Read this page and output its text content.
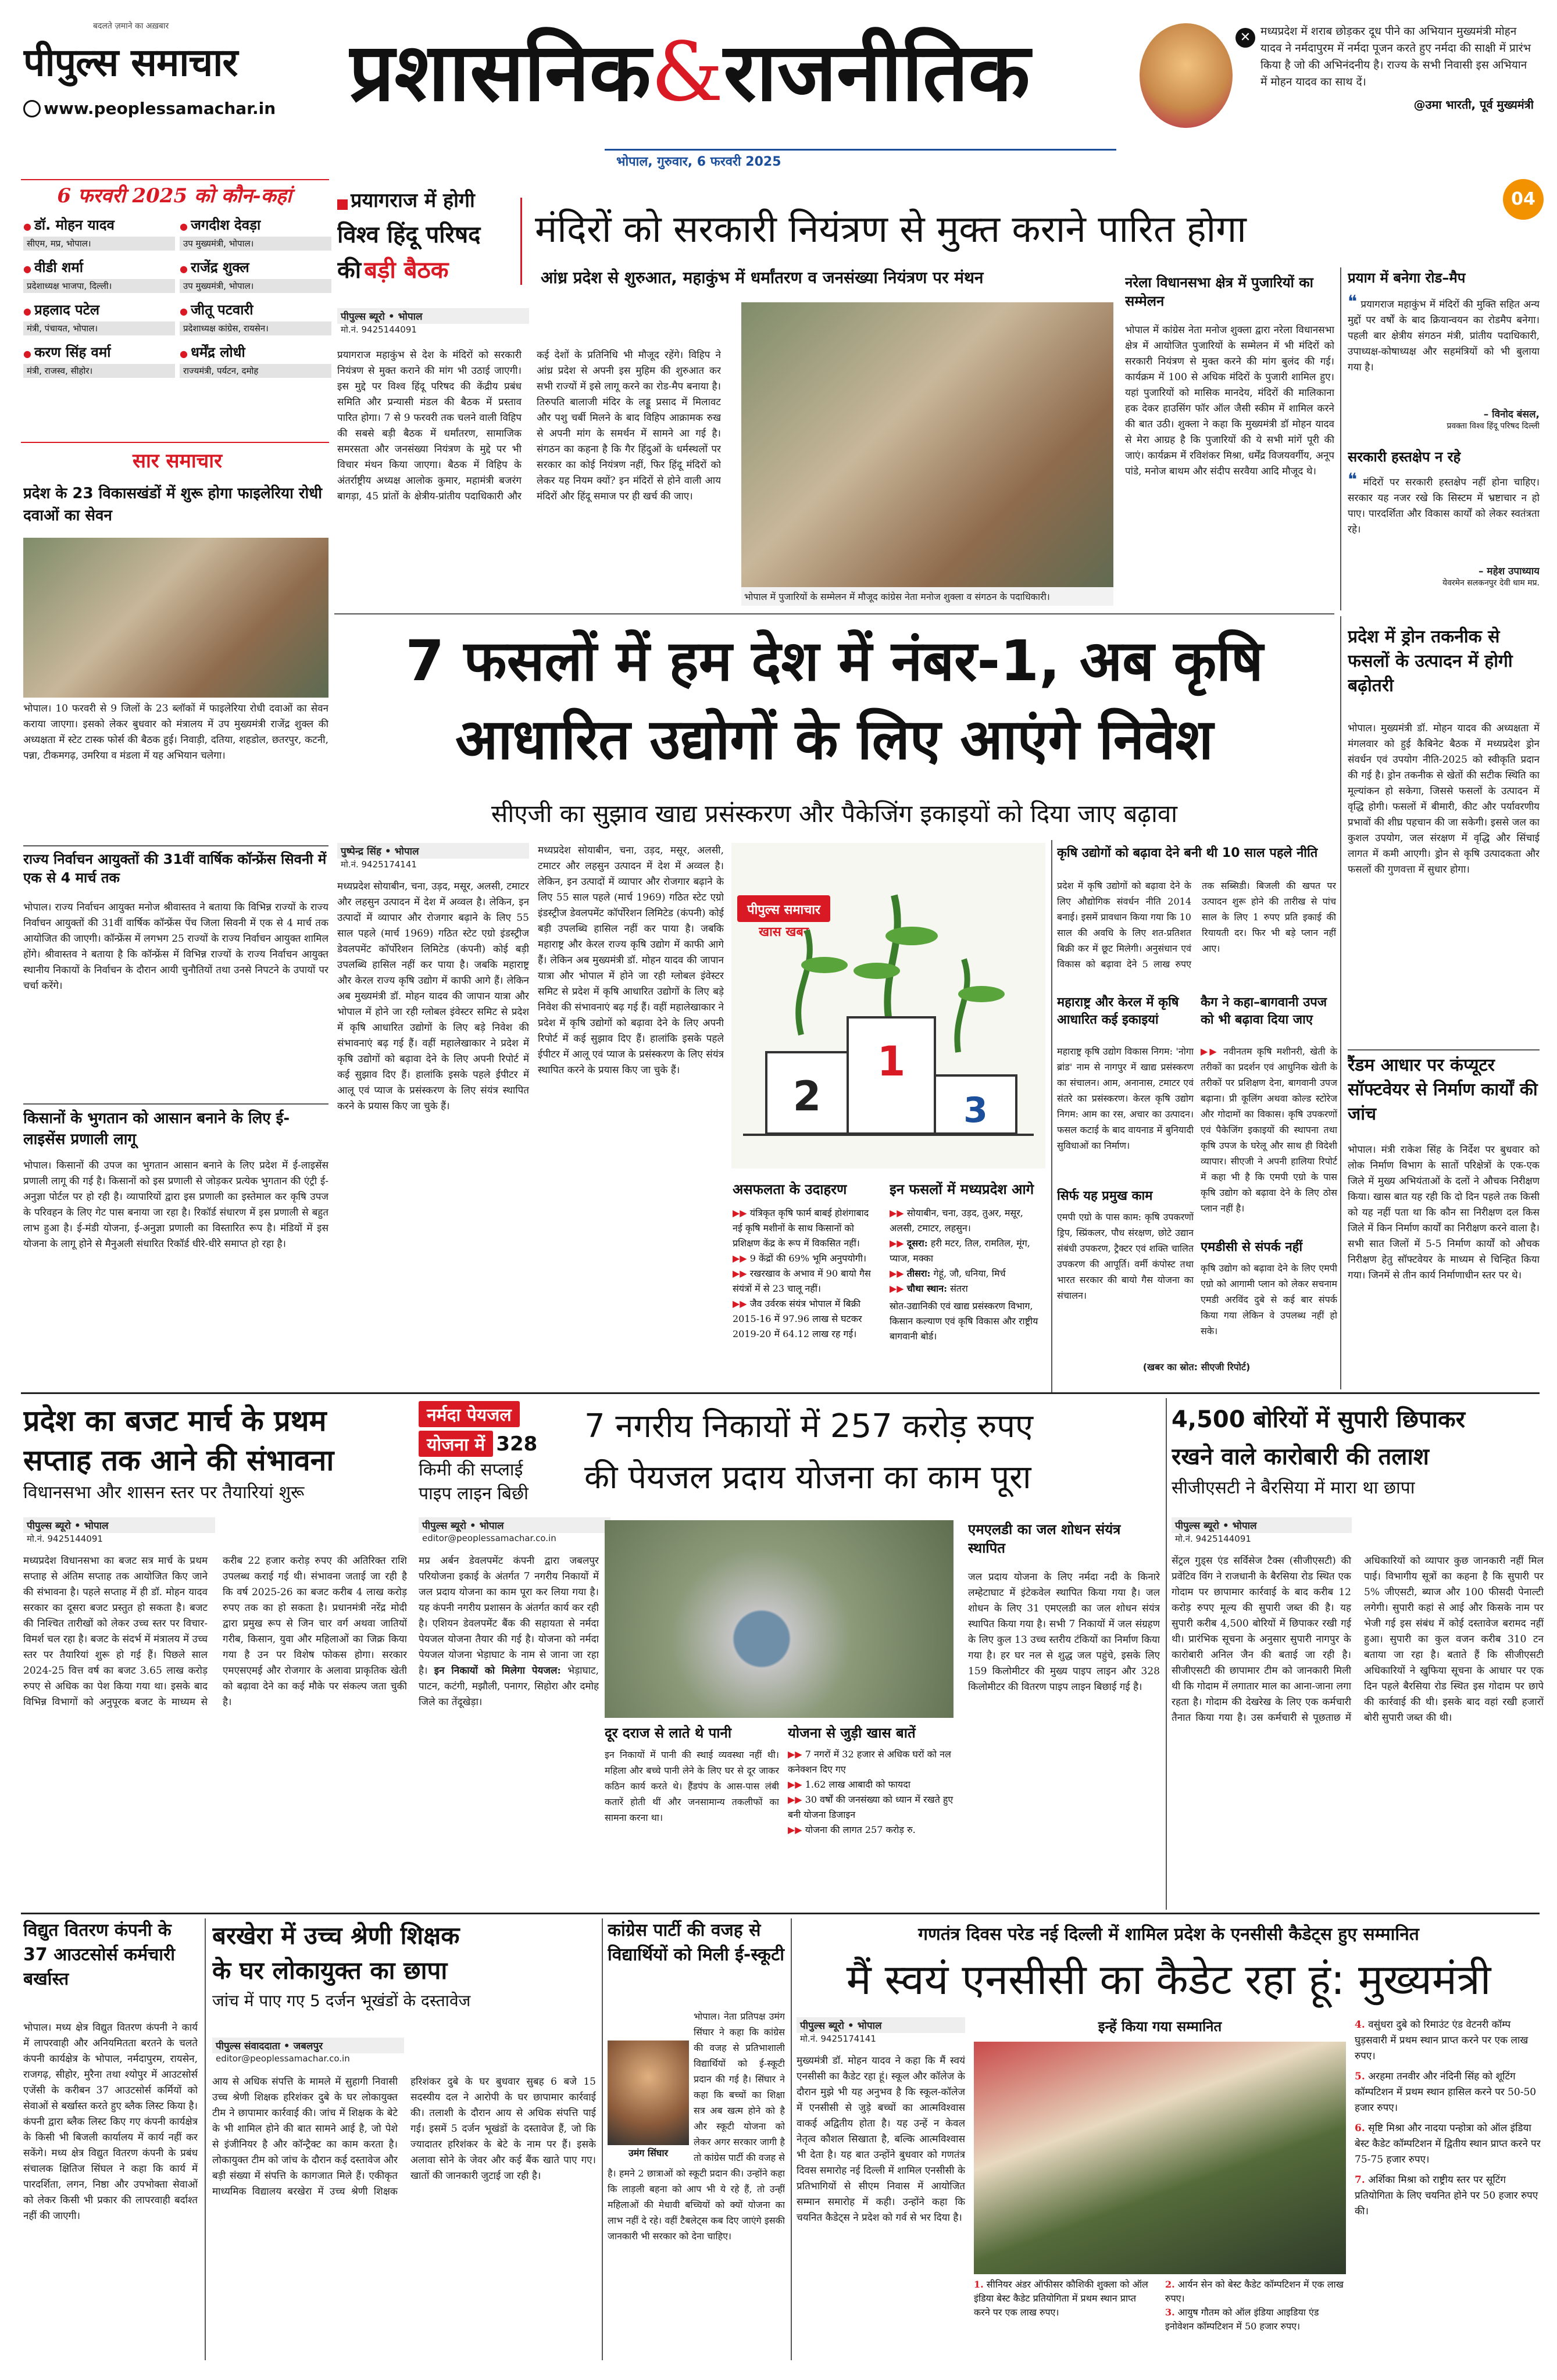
बदलते ज़माने का अख़बार
पीपुल्स समाचार
www.peoplessamachar.in प्रशासनिक&राजनीतिक
भोपाल, गुरुवार, 6 फरवरी 2025
✕ मध्यप्रदेश में शराब छोड़कर दूध पीने का अभियान मुख्यमंत्री मोहन यादव ने नर्मदापुरम में नर्मदा पूजन करते हुए नर्मदा की साक्षी में प्रारंभ किया है जो की अभिनंदनीय है। राज्य के सभी निवासी इस अभियान में मोहन यादव का साथ दें।
@उमा भारती, पूर्व मुख्यमंत्री
04
6 फरवरी 2025 को कौन-कहां
● डॉ. मोहन यादव
सीएम, मप्र, भोपाल।
● जगदीश देवड़ा
उप मुख्यमंत्री, भोपाल।
● वीडी शर्मा
प्रदेशाध्यक्ष भाजपा, दिल्ली।
● राजेंद्र शुक्ल
उप मुख्यमंत्री, भोपाल।
● प्रहलाद पटेल
मंत्री, पंचायत, भोपाल।
● जीतू पटवारी
प्रदेशाध्यक्ष कांग्रेस, रायसेन।
● करण सिंह वर्मा
मंत्री, राजस्व, सीहोर।
● धर्मेंद्र लोधी
राज्यमंत्री, पर्यटन, दमोह
सार समाचार
प्रदेश के 23 विकासखंडों में शुरू होगा फाइलेरिया रोधी दवाओं का सेवन
भोपाल। 10 फरवरी से 9 जिलों के 23 ब्लॉकों में फाइलेरिया रोधी दवाओं का सेवन कराया जाएगा। इसको लेकर बुधवार को मंत्रालय में उप मुख्यमंत्री राजेंद्र शुक्ल की अध्यक्षता में स्टेट टास्क फोर्स की बैठक हुई। निवाड़ी, दतिया, शहडोल, छतरपुर, कटनी, पन्ना, टीकमगढ़, उमरिया व मंडला में यह अभियान चलेगा।
राज्य निर्वाचन आयुक्तों की 31वीं वार्षिक कॉन्फ्रेंस सिवनी में एक से 4 मार्च तक
भोपाल। राज्य निर्वाचन आयुक्त मनोज श्रीवास्तव ने बताया कि विभिन्न राज्यों के राज्य निर्वाचन आयुक्तों की 31वीं वार्षिक कॉन्फ्रेंस पेंच जिला सिवनी में एक से 4 मार्च तक आयोजित की जाएगी। कॉन्फ्रेंस में लगभग 25 राज्यों के राज्य निर्वाचन आयुक्त शामिल होंगे। श्रीवास्तव ने बताया है कि कॉन्फ्रेंस में विभिन्न राज्यों के राज्य निर्वाचन आयुक्त स्थानीय निकायों के निर्वाचन के दौरान आयी चुनौतियों तथा उनसे निपटने के उपायों पर चर्चा करेंगे।
किसानों के भुगतान को आसान बनाने के लिए ई-लाइसेंस प्रणाली लागू
भोपाल। किसानों की उपज का भुगतान आसान बनाने के लिए प्रदेश में ई-लाइसेंस प्रणाली लागू की गई है। किसानों को इस प्रणाली से जोड़कर प्रत्येक भुगतान की एंट्री ई-अनुज्ञा पोर्टल पर हो रही है। व्यापारियों द्वारा इस प्रणाली का इस्तेमाल कर कृषि उपज के परिवहन के लिए गेट पास बनाया जा रहा है। रिकॉर्ड संधारण में इस प्रणाली से बहुत लाभ हुआ है। ई-मंडी योजना, ई-अनुज्ञा प्रणाली का विस्तारित रूप है। मंडियों में इस योजना के लागू होने से मैनुअली संधारित रिकॉर्ड धीरे-धीरे समाप्त हो रहा है।
प्रयागराज में होगी
विश्व हिंदू परिषद
की बड़ी बैठक
पीपुल्स ब्यूरो • भोपाल
मो.नं. 9425144091
प्रयागराज महाकुंभ से देश के मंदिरों को सरकारी नियंत्रण से मुक्त कराने की मांग भी उठाई जाएगी। इस मुद्दे पर विश्व हिंदू परिषद की केंद्रीय प्रबंध समिति और प्रन्यासी मंडल की बैठक में प्रस्ताव पारित होगा। 7 से 9 फरवरी तक चलने वाली विहिप की सबसे बड़ी बैठक में धर्मांतरण, सामाजिक समरसता और जनसंख्या नियंत्रण के मुद्दे पर भी विचार मंथन किया जाएगा। बैठक में विहिप के अंतर्राष्ट्रीय अध्यक्ष आलोक कुमार, महामंत्री बजरंग बागड़ा, 45 प्रांतों के क्षेत्रीय-प्रांतीय पदाधिकारी और कई देशों के प्रतिनिधि भी मौजूद रहेंगे। विहिप ने आंध्र प्रदेश से अपनी इस मुहिम की शुरुआत कर सभी राज्यों में इसे लागू करने का रोड-मैप बनाया है। तिरुपति बालाजी मंदिर के लड्डू प्रसाद में मिलावट और पशु चर्बी मिलने के बाद विहिप आक्रामक रुख से अपनी मांग के समर्थन में सामने आ गई है। संगठन का कहना है कि गैर हिंदुओं के धर्मस्थलों पर सरकार का कोई नियंत्रण नहीं, फिर हिंदू मंदिरों को लेकर यह नियम क्यों? इन मंदिरों से होने वाली आय मंदिरों और हिंदू समाज पर ही खर्च की जाए।
मंदिरों को सरकारी नियंत्रण से मुक्त कराने पारित होगा
आंध्र प्रदेश से शुरुआत, महाकुंभ में धर्मांतरण व जनसंख्या नियंत्रण पर मंथन
भोपाल में पुजारियों के सम्मेलन में मौजूद कांग्रेस नेता मनोज शुक्ला व संगठन के पदाधिकारी।
नरेला विधानसभा क्षेत्र में पुजारियों का सम्मेलन
भोपाल में कांग्रेस नेता मनोज शुक्ला द्वारा नरेला विधानसभा क्षेत्र में आयोजित पुजारियों के सम्मेलन में भी मंदिरों को सरकारी नियंत्रण से मुक्त करने की मांग बुलंद की गई। कार्यक्रम में 100 से अधिक मंदिरों के पुजारी शामिल हुए। यहां पुजारियों को मासिक मानदेय, मंदिरों की मालिकाना हक देकर हाउसिंग फॉर ऑल जैसी स्कीम में शामिल करने की बात उठी। शुक्ला ने कहा कि मुख्यमंत्री डॉ मोहन यादव से मेरा आग्रह है कि पुजारियों की ये सभी मांगें पूरी की जाएं। कार्यक्रम में रविशंकर मिश्रा, धर्मेंद्र विजयवर्गीय, अनूप पांडे, मनोज बाथम और संदीप सरवैया आदि मौजूद थे।
प्रयाग में बनेगा रोड–मैप
❝ प्रयागराज महाकुंभ में मंदिरों की मुक्ति सहित अन्य मुद्दों पर वर्षों के बाद क्रियान्वयन का रोडमैप बनेगा। पहली बार क्षेत्रीय संगठन मंत्री, प्रांतीय पदाधिकारी, उपाध्यक्ष-कोषाध्यक्ष और सहमंत्रियों को भी बुलाया गया है।
– विनोद बंसल,
प्रवक्ता विश्व हिंदू परिषद दिल्ली
सरकारी हस्तक्षेप न रहे
❝ मंदिरों पर सरकारी हस्तक्षेप नहीं होना चाहिए। सरकार यह नजर रखे कि सिस्टम में भ्रष्टाचार न हो पाए। पारदर्शिता और विकास कार्यों को लेकर स्वतंत्रता रहे।
– महेश उपाध्याय
येवरमेन सलकनपुर देवी धाम मप्र.
7 फसलों में हम देश में नंबर-1, अब कृषि
आधारित उद्योगों के लिए आएंगे निवेश
सीएजी का सुझाव खाद्य प्रसंस्करण और पैकेजिंग इकाइयों को दिया जाए बढ़ावा
पुष्पेन्द्र सिंह • भोपाल
मो.नं. 9425174141
मध्यप्रदेश सोयाबीन, चना, उड़द, मसूर, अलसी, टमाटर और लहसुन उत्पादन में देश में अव्वल है। लेकिन, इन उत्पादों में व्यापार और रोजगार बढ़ाने के लिए 55 साल पहले (मार्च 1969) गठित स्टेट एग्रो इंडस्ट्रीज डेवलपमेंट कॉर्पोरेशन लिमिटेड (कंपनी) कोई बड़ी उपलब्धि हासिल नहीं कर पाया है। जबकि महाराष्ट्र और केरल राज्य कृषि उद्योग में काफी आगे हैं। लेकिन अब मुख्यमंत्री डॉ. मोहन यादव की जापान यात्रा और भोपाल में होने जा रही ग्लोबल इंवेस्टर समिट से प्रदेश में कृषि आधारित उद्योगों के लिए बड़े निवेश की संभावनाएं बढ़ गई हैं। वहीं महालेखाकार ने प्रदेश में कृषि उद्योगों को बढ़ावा देने के लिए अपनी रिपोर्ट में कई सुझाव दिए हैं। हालांकि इसके पहले ईपीटर में आलू एवं प्याज के प्रसंस्करण के लिए संयंत्र स्थापित करने के प्रयास किए जा चुके हैं।
मध्यप्रदेश सोयाबीन, चना, उड़द, मसूर, अलसी, टमाटर और लहसुन उत्पादन में देश में अव्वल है। लेकिन, इन उत्पादों में व्यापार और रोजगार बढ़ाने के लिए 55 साल पहले (मार्च 1969) गठित स्टेट एग्रो इंडस्ट्रीज डेवलपमेंट कॉर्पोरेशन लिमिटेड (कंपनी) कोई बड़ी उपलब्धि हासिल नहीं कर पाया है। जबकि महाराष्ट्र और केरल राज्य कृषि उद्योग में काफी आगे हैं। लेकिन अब मुख्यमंत्री डॉ. मोहन यादव की जापान यात्रा और भोपाल में होने जा रही ग्लोबल इंवेस्टर समिट से प्रदेश में कृषि आधारित उद्योगों के लिए बड़े निवेश की संभावनाएं बढ़ गई हैं। वहीं महालेखाकार ने प्रदेश में कृषि उद्योगों को बढ़ावा देने के लिए अपनी रिपोर्ट में कई सुझाव दिए हैं। हालांकि इसके पहले ईपीटर में आलू एवं प्याज के प्रसंस्करण के लिए संयंत्र स्थापित करने के प्रयास किए जा चुके हैं।
पीपुल्स समाचार
खास खबर
1
2	3
असफलता के उदाहरण
▶▶ यंत्रिकृत कृषि फार्म बाबई होशंगाबाद नई कृषि मशीनों के साथ किसानों को प्रशिक्षण केंद्र के रूप में विकसित नहीं।
▶▶ 9 केंद्रों की 69% भूमि अनुपयोगी।
▶▶ रखरखाव के अभाव में 90 बायो गैस संयंत्रों में से 23 चालू नहीं।
▶▶ जैव उर्वरक संयंत्र भोपाल में बिक्री 2015-16 में 97.96 लाख से घटकर 2019-20 में 64.12 लाख रह गई।
इन फसलों में मध्यप्रदेश आगे
▶▶ सोयाबीन, चना, उड़द, तुअर, मसूर, अलसी, टमाटर, लहसुन।
▶▶ दूसरा: हरी मटर, तिल, रामतिल, मूंग, प्याज, मक्का
▶▶ तीसरा: गेहूं, जौ, धनिया, मिर्च
▶▶ चौथा स्थान: संतरा
स्रोत-उद्यानिकी एवं खाद्य प्रसंस्करण विभाग, किसान कल्याण एवं कृषि विकास और राष्ट्रीय बागवानी बोर्ड।
कृषि उद्योगों को बढ़ावा देने बनी थी 10 साल पहले नीति
प्रदेश में कृषि उद्योगों को बढ़ावा देने के लिए औद्योगिक संवर्धन नीति 2014 बनाई। इसमें प्रावधान किया गया कि 10 साल की अवधि के लिए शत-प्रतिशत बिक्री कर में छूट मिलेगी। अनुसंधान एवं विकास को बढ़ावा देने 5 लाख रुपए तक सब्सिडी। बिजली की खपत पर उत्पादन शुरू होने की तारीख से पांच साल के लिए 1 रुपए प्रति इकाई की रियायती दर। फिर भी बड़े प्लान नहीं आए।
महाराष्ट्र और केरल में कृषि आधारित कई इकाइयां
महाराष्ट्र कृषि उद्योग विकास निगम: 'नोगा ब्रांड' नाम से नागपुर में खाद्य प्रसंस्करण का संचालन। आम, अनानास, टमाटर एवं संतरे का प्रसंस्करण। केरल कृषि उद्योग निगम: आम का रस, अचार का उत्पादन। फसल कटाई के बाद वायनाड में बुनियादी सुविधाओं का निर्माण।
सिर्फ यह प्रमुख काम
एमपी एग्रो के पास काम: कृषि उपकरणों ड्रिप, स्प्रिंकलर, पौध संरक्षण, छोटे उद्यान संबंधी उपकरण, ट्रैक्टर एवं शक्ति चालित उपकरण की आपूर्ति। वर्मी कंपोस्ट तथा भारत सरकार की बायो गैस योजना का संचालन।
(खबर का स्रोत: सीएजी रिपोर्ट)
कैग ने कहा–बागवानी उपज को भी बढ़ावा दिया जाए
▶▶ नवीनतम कृषि मशीनरी, खेती के तरीकों का प्रदर्शन एवं आधुनिक खेती के तरीकों पर प्रशिक्षण देना, बागवानी उपज बढ़ाना। प्री कूलिंग अथवा कोल्ड स्टोरेज और गोदामों का विकास। कृषि उपकरणों एवं पैकेजिंग इकाइयों की स्थापना तथा कृषि उपज के घरेलू और साथ ही विदेशी व्यापार। सीएजी ने अपनी हालिया रिपोर्ट में कहा भी है कि एमपी एग्रो के पास कृषि उद्योग को बढ़ावा देने के लिए ठोस प्लान नहीं है।
एमडीसी से संपर्क नहीं
कृषि उद्योग को बढ़ावा देने के लिए एमपी एग्रो को आगामी प्लान को लेकर सचनाम एमडी अरविंद दुबे से कई बार संपर्क किया गया लेकिन वे उपलब्ध नहीं हो सके।
प्रदेश में ड्रोन तकनीक से फसलों के उत्पादन में होगी बढ़ोतरी
भोपाल। मुख्यमंत्री डॉ. मोहन यादव की अध्यक्षता में मंगलवार को हुई कैबिनेट बैठक में मध्यप्रदेश ड्रोन संवर्धन एवं उपयोग नीति-2025 को स्वीकृति प्रदान की गई है। ड्रोन तकनीक से खेतों की सटीक स्थिति का मूल्यांकन हो सकेगा, जिससे फसलों के उत्पादन में वृद्धि होगी। फसलों में बीमारी, कीट और पर्यावरणीय प्रभावों की शीघ्र पहचान की जा सकेगी। इससे जल का कुशल उपयोग, जल संरक्षण में वृद्धि और सिंचाई लागत में कमी आएगी। ड्रोन से कृषि उत्पादकता और फसलों की गुणवत्ता में सुधार होगा।
रैंडम आधार पर कंप्यूटर सॉफ्टवेयर से निर्माण कार्यों की जांच
भोपाल। मंत्री राकेश सिंह के निर्देश पर बुधवार को लोक निर्माण विभाग के सातों परिक्षेत्रों के एक-एक जिले में मुख्य अभियंताओं के दलों ने औचक निरीक्षण किया। खास बात यह रही कि दो दिन पहले तक किसी को यह नहीं पता था कि कौन सा निरीक्षण दल किस जिले में किन निर्माण कार्यों का निरीक्षण करने वाला है। सभी सात जिलों में 5-5 निर्माण कार्यों को औचक निरीक्षण हेतु सॉफ्टवेयर के माध्यम से चिन्हित किया गया। जिनमें से तीन कार्य निर्माणाधीन स्तर पर थे।
प्रदेश का बजट मार्च के प्रथम
सप्ताह तक आने की संभावना
विधानसभा और शासन स्तर पर तैयारियां शुरू
पीपुल्स ब्यूरो • भोपाल
मो.नं. 9425144091
मध्यप्रदेश विधानसभा का बजट सत्र मार्च के प्रथम सप्ताह से अंतिम सप्ताह तक आयोजित किए जाने की संभावना है। पहले सप्ताह में ही डॉ. मोहन यादव सरकार का दूसरा बजट प्रस्तुत हो सकता है। बजट की निश्चित तारीखों को लेकर उच्च स्तर पर विचार-विमर्श चल रहा है। बजट के संदर्भ में मंत्रालय में उच्च स्तर पर तैयारियां शुरू हो गई हैं। पिछले साल 2024-25 वित्त वर्ष का बजट 3.65 लाख करोड़ रुपए से अधिक का पेश किया गया था। इसके बाद विभिन्न विभागों को अनुपूरक बजट के माध्यम से करीब 22 हजार करोड़ रुपए की अतिरिक्त राशि उपलब्ध कराई गई थी। संभावना जताई जा रही है कि वर्ष 2025-26 का बजट करीब 4 लाख करोड़ रुपए तक का हो सकता है। प्रधानमंत्री नरेंद्र मोदी द्वारा प्रमुख रूप से जिन चार वर्ग अथवा जातियों गरीब, किसान, युवा और महिलाओं का जिक्र किया गया है उन पर विशेष फोकस होगा। सरकार एमएसएमई और रोजगार के अलावा प्राकृतिक खेती को बढ़ावा देने का कई मौके पर संकल्प जता चुकी है।
नर्मदा पेयजल
योजना में 328
किमी की सप्लाई
पाइप लाइन बिछी
पीपुल्स ब्यूरो • भोपाल
editor@peoplessamachar.co.in
7 नगरीय निकायों में 257 करोड़ रुपए
की पेयजल प्रदाय योजना का काम पूरा
मप्र अर्बन डेवलपमेंट कंपनी द्वारा जबलपुर परियोजना इकाई के अंतर्गत 7 नगरीय निकायों में जल प्रदाय योजना का काम पूरा कर लिया गया है। यह कंपनी नगरीय प्रशासन के अंतर्गत कार्य कर रही है। एशियन डेवलपमेंट बैंक की सहायता से नर्मदा पेयजल योजना तैयार की गई है। योजना को नर्मदा पेयजल योजना भेड़ाघाट के नाम से जाना जा रहा है। इन निकायों को मिलेगा पेयजल: भेड़ाघाट, पाटन, कटंगी, मझौली, पनागर, सिहोरा और दमोह जिले का तेंदूखेड़ा।
दूर दराज से लाते थे पानी
इन निकायों में पानी की स्थाई व्यवस्था नहीं थी। महिला और बच्चे पानी लेने के लिए घर से दूर जाकर कठिन कार्य करते थे। हैंडपंप के आस-पास लंबी कतारें होती थीं और जनसामान्य तकलीफों का सामना करना था।
योजना से जुड़ी खास बातें
▶▶ 7 नगरों में 32 हजार से अधिक घरों को नल कनेक्शन दिए गए
▶▶ 1.62 लाख आबादी को फायदा
▶▶ 30 वर्षों की जनसंख्या को ध्यान में रखते हुए बनी योजना डिजाइन
▶▶ योजना की लागत 257 करोड़ रु.
एमएलडी का जल शोधन संयंत्र स्थापित
जल प्रदाय योजना के लिए नर्मदा नदी के किनारे लम्हेटाघाट में इंटेकवेल स्थापित किया गया है। जल शोधन के लिए 31 एमएलडी का जल शोधन संयंत्र स्थापित किया गया है। सभी 7 निकायों में जल संग्रहण के लिए कुल 13 उच्च स्तरीय टंकियों का निर्माण किया गया है। हर घर नल से शुद्ध जल पहुंचे, इसके लिए 159 किलोमीटर की मुख्य पाइप लाइन और 328 किलोमीटर की वितरण पाइप लाइन बिछाई गई है।
4,500 बोरियों में सुपारी छिपाकर
रखने वाले कारोबारी की तलाश
सीजीएसटी ने बैरसिया में मारा था छापा
पीपुल्स ब्यूरो • भोपाल
मो.नं. 9425144091
सेंट्रल गुड्स एंड सर्विसेज टैक्स (सीजीएसटी) की प्रवेंटिव विंग ने राजधानी के बैरसिया रोड स्थित एक गोदाम पर छापामार कार्रवाई के बाद करीब 12 करोड़ रुपए मूल्य की सुपारी जब्त की है। यह सुपारी करीब 4,500 बोरियों में छिपाकर रखी गई थी। प्रारंभिक सूचना के अनुसार सुपारी नागपुर के कारोबारी अनिल जैन की बताई जा रही है। सीजीएसटी की छापामार टीम को जानकारी मिली थी कि गोदाम में लगातार माल का आना-जाना लगा रहता है। गोदाम की देखरेख के लिए एक कर्मचारी तैनात किया गया है। उस कर्मचारी से पूछताछ में अधिकारियों को व्यापार कुछ जानकारी नहीं मिल पाई। विभागीय सूत्रों का कहना है कि सुपारी पर 5% जीएसटी, ब्याज और 100 फीसदी पेनाल्टी लगेगी। सुपारी कहां से आई और किसके नाम पर भेजी गई इस संबंध में कोई दस्तावेज बरामद नहीं हुआ। सुपारी का कुल वजन करीब 310 टन बताया जा रहा है। बताते हैं कि सीजीएसटी अधिकारियों ने खुफिया सूचना के आधार पर एक दिन पहले बैरसिया रोड स्थित इस गोदाम पर छापे की कार्रवाई की थी। इसके बाद वहां रखी हजारों बोरी सुपारी जब्त की थी।
विद्युत वितरण कंपनी के 37 आउटसोर्स कर्मचारी बर्खास्त
भोपाल। मध्य क्षेत्र विद्युत वितरण कंपनी ने कार्य में लापरवाही और अनियमितता बरतने के चलते कंपनी कार्यक्षेत्र के भोपाल, नर्मदापुरम, रायसेन, राजगढ़, सीहोर, मुरैना तथा श्योपुर में आउटसोर्स एजेंसी के करीबन 37 आउटसोर्स कर्मियों को सेवाओं से बर्खास्त करते हुए ब्लैक लिस्ट किया है। कंपनी द्वारा ब्लैक लिस्ट किए गए कंपनी कार्यक्षेत्र के किसी भी बिजली कार्यालय में कार्य नहीं कर सकेंगे। मध्य क्षेत्र विद्युत वितरण कंपनी के प्रबंध संचालक क्षितिज सिंघल ने कहा कि कार्य में पारदर्शिता, लगन, निष्ठा और उपभोक्ता सेवाओं को लेकर किसी भी प्रकार की लापरवाही बर्दाश्त नहीं की जाएगी।
बरखेरा में उच्च श्रेणी शिक्षक
के घर लोकायुक्त का छापा
जांच में पाए गए 5 दर्जन भूखंडों के दस्तावेज
पीपुल्स संवाददाता • जबलपुर
editor@peoplessamachar.co.in
आय से अधिक संपत्ति के मामले में सुहागी निवासी उच्च श्रेणी शिक्षक हरिशंकर दुबे के घर लोकायुक्त टीम ने छापामार कार्रवाई की। जांच में शिक्षक के बेटे के भी शामिल होने की बात सामने आई है, जो पेशे से इंजीनियर है और कॉन्ट्रैक्ट का काम करता है। लोकायुक्त टीम को जांच के दौरान कई दस्तावेज और बड़ी संख्या में संपत्ति के कागजात मिले हैं। एकीकृत माध्यमिक विद्यालय बरखेरा में उच्च श्रेणी शिक्षक हरिशंकर दुबे के घर बुधवार सुबह 6 बजे 15 सदस्यीय दल ने आरोपी के घर छापामार कार्रवाई की। तलाशी के दौरान आय से अधिक संपत्ति पाई गई। इसमें 5 दर्जन भूखंडों के दस्तावेज हैं, जो कि ज्यादातर हरिशंकर के बेटे के नाम पर हैं। इसके अलावा सोने के जेवर और कई बैंक खाते पाए गए। खातों की जानकारी जुटाई जा रही है।
कांग्रेस पार्टी की वजह से विद्यार्थियों को मिली ई-स्कूटी
उमंग सिंघार
भोपाल। नेता प्रतिपक्ष उमंग सिंघार ने कहा कि कांग्रेस की वजह से प्रतिभाशाली विद्यार्थियों को ई-स्कूटी प्रदान की गई है। सिंघार ने कहा कि बच्चों का शिक्षा सत्र अब खत्म होने को है और स्कूटी योजना को लेकर अगर सरकार जागी है तो कांग्रेस पार्टी की वजह से है। हमने 2 छात्राओं को स्कूटी प्रदान की। उन्होंने कहा कि लाड़ली बहना को आप भी ये रहे हैं, तो उन्हीं महिलाओं की मेधावी बच्चियों को क्यों योजना का लाभ नहीं दे रहे। वहीं टैबलेट्स कब दिए जाएंगे इसकी जानकारी भी सरकार को देना चाहिए।
गणतंत्र दिवस परेड नई दिल्ली में शामिल प्रदेश के एनसीसी कैडेट्स हुए सम्मानित
मैं स्वयं एनसीसी का कैडेट रहा हूं: मुख्यमंत्री
पीपुल्स ब्यूरो • भोपाल
मो.नं. 9425174141
मुख्यमंत्री डॉ. मोहन यादव ने कहा कि मैं स्वयं एनसीसी का कैडेट रहा हूं। स्कूल और कॉलेज के दौरान मुझे भी यह अनुभव है कि स्कूल-कॉलेज में एनसीसी से जुड़े बच्चों का आत्मविश्वास वाकई अद्वितीय होता है। यह उन्हें न केवल नेतृत्व कौशल सिखाता है, बल्कि आत्मविश्वास भी देता है। यह बात उन्होंने बुधवार को गणतंत्र दिवस समारोह नई दिल्ली में शामिल एनसीसी के प्रतिभागियों से सीएम निवास में आयोजित सम्मान समारोह में कही। उन्होंने कहा कि चयनित कैडेट्स ने प्रदेश को गर्व से भर दिया है।
इन्हें किया गया सम्मानित
1. सीनियर अंडर ऑफीसर कौशिकी शुक्ला को ऑल इंडिया बेस्ट कैडेट प्रतियोगिता में प्रथम स्थान प्राप्त करने पर एक लाख रुपए।
2. आर्यन सेन को बेस्ट कैडेट कॉम्पटिशन में एक लाख रुपए।
3. आयुष गौतम को ऑल इंडिया आइडिया एंड इनोवेशन कॉम्पटिशन में 50 हजार रुपए।
4. वसुंधरा दुबे को रिमाउंट एंड वेटनरी कॉम्प घुड़सवारी में प्रथम स्थान प्राप्त करने पर एक लाख रुपए।
5. अरहमा तनवीर और नंदिनी सिंह को शूटिंग कॉम्पटिशन में प्रथम स्थान हासिल करने पर 50-50 हजार रुपए।
6. सृष्टि मिश्रा और नादया पन्होत्रा को ऑल इंडिया बेस्ट कैडेट कॉम्पटिशन में द्वितीय स्थान प्राप्त करने पर 75-75 हजार रुपए।
7. अर्शिका मिश्रा को राष्ट्रीय स्तर पर सूटिंग प्रतियोगिता के लिए चयनित होने पर 50 हजार रुपए की।
